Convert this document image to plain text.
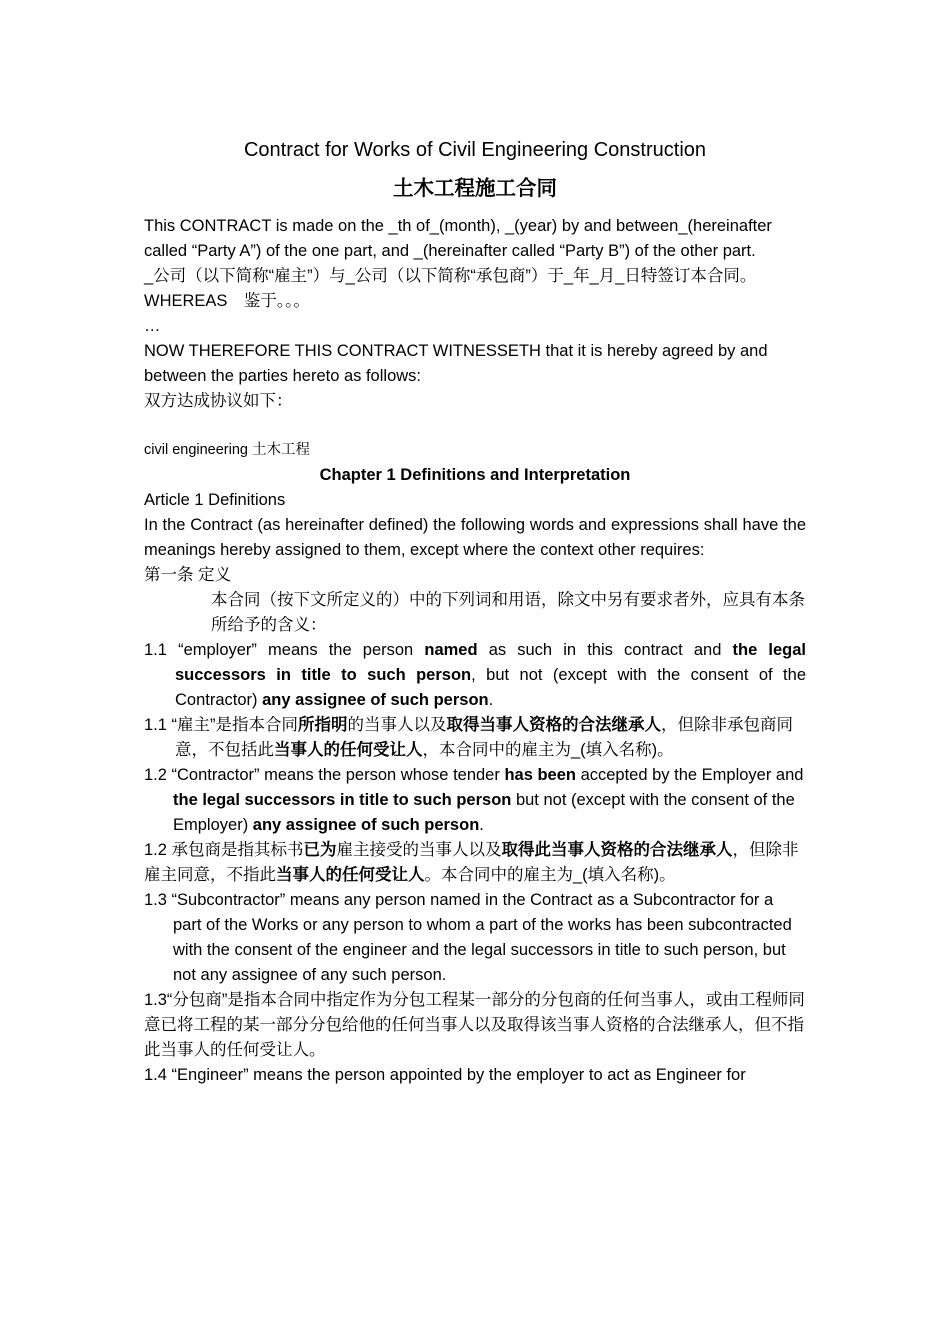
Contract for Works of Civil Engineering Construction

土木工程施工合同

This CONTRACT is made on the _th of_(month), _(year) by and between_(hereinafter called “Party A”) of the one part, and _(hereinafter called “Party B”) of the other part.

_公司（以下简称“雇主”）与_公司（以下简称“承包商”）于_年_月_日特签订本合同。

WHEREAS　鉴于。。。

…

NOW THEREFORE THIS CONTRACT WITNESSETH that it is hereby agreed by and between the parties hereto as follows:

双方达成协议如下：

civil engineering 土木工程

Chapter 1 Definitions and Interpretation

Article 1 Definitions

In the Contract (as hereinafter defined) the following words and expressions shall have the meanings hereby assigned to them, except where the context other requires:

第一条 定义

本合同（按下文所定义的）中的下列词和用语，除文中另有要求者外，应具有本条所给予的含义：

1.1 “employer” means the person named as such in this contract and the legal successors in title to such person, but not (except with the consent of the Contractor) any assignee of such person.

1.1 “雇主”是指本合同所指明的当事人以及取得当事人资格的合法继承人，但除非承包商同意，不包括此当事人的任何受让人，本合同中的雇主为_(填入名称)。

1.2 “Contractor” means the person whose tender has been accepted by the Employer and the legal successors in title to such person but not (except with the consent of the Employer) any assignee of such person.

1.2 承包商是指其标书已为雇主接受的当事人以及取得此当事人资格的合法继承人，但除非雇主同意，不指此当事人的任何受让人。本合同中的雇主为_(填入名称)。

1.3 “Subcontractor” means any person named in the Contract as a Subcontractor for a part of the Works or any person to whom a part of the works has been subcontracted with the consent of the engineer and the legal successors in title to such person, but not any assignee of any such person.

1.3“分包商”是指本合同中指定作为分包工程某一部分的分包商的任何当事人，或由工程师同意已将工程的某一部分分包给他的任何当事人以及取得该当事人资格的合法继承人，但不指此当事人的任何受让人。

1.4 “Engineer” means the person appointed by the employer to act as Engineer for
